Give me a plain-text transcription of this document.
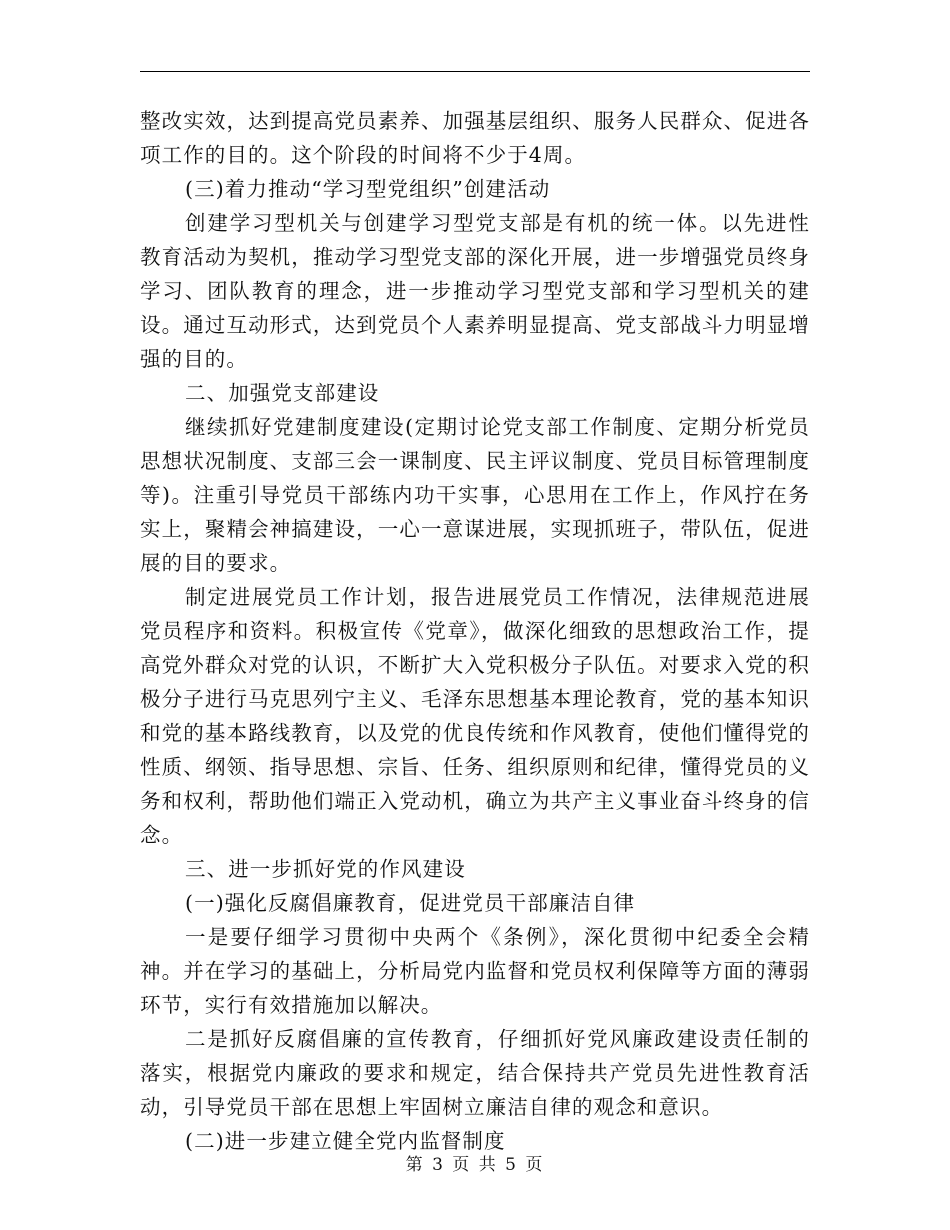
整改实效，达到提高党员素养、加强基层组织、服务人民群众、促进各项工作的目的。这个阶段的时间将不少于4周。

(三)着力推动“学习型党组织”创建活动

创建学习型机关与创建学习型党支部是有机的统一体。以先进性教育活动为契机，推动学习型党支部的深化开展，进一步增强党员终身学习、团队教育的理念，进一步推动学习型党支部和学习型机关的建设。通过互动形式，达到党员个人素养明显提高、党支部战斗力明显增强的目的。

二、加强党支部建设

继续抓好党建制度建设(定期讨论党支部工作制度、定期分析党员思想状况制度、支部三会一课制度、民主评议制度、党员目标管理制度等)。注重引导党员干部练内功干实事，心思用在工作上，作风拧在务实上，聚精会神搞建设，一心一意谋进展，实现抓班子，带队伍，促进展的目的要求。

制定进展党员工作计划，报告进展党员工作情况，法律规范进展党员程序和资料。积极宣传《党章》，做深化细致的思想政治工作，提高党外群众对党的认识，不断扩大入党积极分子队伍。对要求入党的积极分子进行马克思列宁主义、毛泽东思想基本理论教育，党的基本知识和党的基本路线教育，以及党的优良传统和作风教育，使他们懂得党的性质、纲领、指导思想、宗旨、任务、组织原则和纪律，懂得党员的义务和权利，帮助他们端正入党动机，确立为共产主义事业奋斗终身的信念。

三、进一步抓好党的作风建设

(一)强化反腐倡廉教育，促进党员干部廉洁自律

一是要仔细学习贯彻中央两个《条例》，深化贯彻中纪委全会精神。并在学习的基础上，分析局党内监督和党员权利保障等方面的薄弱环节，实行有效措施加以解决。

二是抓好反腐倡廉的宣传教育，仔细抓好党风廉政建设责任制的落实，根据党内廉政的要求和规定，结合保持共产党员先进性教育活动，引导党员干部在思想上牢固树立廉洁自律的观念和意识。

(二)进一步建立健全党内监督制度

第 3 页 共 5 页
